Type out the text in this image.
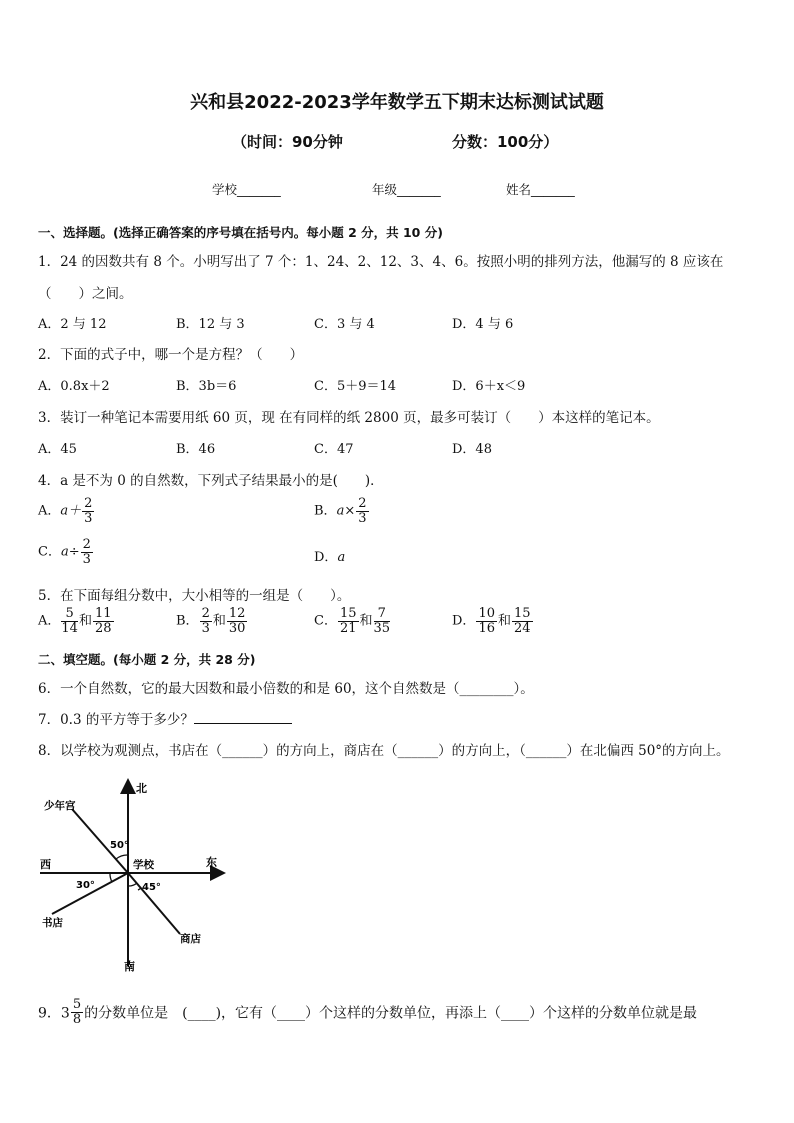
兴和县2022-2023学年数学五下期末达标测试试题
（时间：90分钟	分数：100分）
学校_______	年级_______	姓名_______
一、选择题。(选择正确答案的序号填在括号内。每小题 2 分，共 10 分)
1．24 的因数共有 8 个。小明写出了 7 个：1、24、2、12、3、4、6。按照小明的排列方法，他漏写的 8 应该在
（　　）之间。
A．2 与 12	B．12 与 3	C．3 与 4	D．4 与 6
2．下面的式子中，哪一个是方程？（　　）
A．0.8x＋2	B．3b＝6	C．5＋9＝14	D．6＋x＜9
3．装订一种笔记本需要用纸 60 页，现 在有同样的纸 2800 页，最多可装订（　　）本这样的笔记本。
A．45	B．46	C．47	D．48
4．a 是不为 0 的自然数，下列式子结果最小的是(　　)．
A．$a+ \frac{2}{3}$	B．$a\times \frac{2}{3}$
C．$a\div \frac{2}{3}$	D．a
5．在下面每组分数中，大小相等的一组是（　　）。
A． $\frac{5}{14}$ 和 $\frac{11}{28}$	B． $\frac{2}{3}$ 和 $\frac{12}{30}$	C． $\frac{15}{21}$ 和 $\frac{7}{35}$	D． $\frac{10}{16}$ 和 $\frac{15}{24}$
二、填空题。(每小题 2 分，共 28 分)
6．一个自然数，它的最大因数和最小倍数的和是 60，这个自然数是（________）。
7．0.3 的平方等于多少？
8．以学校为观测点，书店在（______）的方向上，商店在（______）的方向上，（______）在北偏西 50°的方向上。
北
南
东
西	学校
少年宫
书店
商店
50°
30°	45°
9．$3 \frac{5}{8}$ 的分数单位是　(____)，它有（____）个这样的分数单位，再添上（____）个这样的分数单位就是最
